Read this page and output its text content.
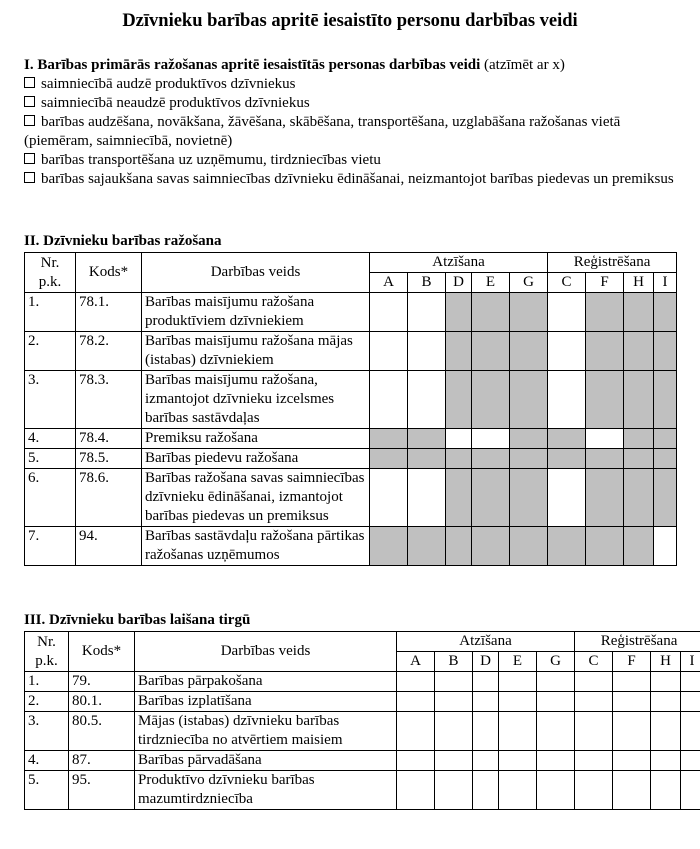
Dzīvnieku barības apritē iesaistīto personu darbības veidi
I. Barības primārās ražošanas apritē iesaistītās personas darbības veidi (atzīmēt ar x)
saimniecībā audzē produktīvos dzīvniekus
saimniecībā neaudzē produktīvos dzīvniekus
barības audzēšana, novākšana, žāvēšana, skābēšana, transportēšana, uzglabāšana ražošanas vietā (piemēram, saimniecībā, novietnē)
barības transportēšana uz uzņēmumu, tirdzniecības vietu
barības sajaukšana savas saimniecības dzīvnieku ēdināšanai, neizmantojot barības piedevas un premiksus
II. Dzīvnieku barības ražošana
Nr. p.k.	Kods*	Darbības veids	Atzīšana					Reģistrēšana			
			A	B	D	E	G	C	F	H	I
1.	78.1.	Barības maisījumu ražošana produktīviem dzīvniekiem									
2.	78.2.	Barības maisījumu ražošana mājas (istabas) dzīvniekiem									
3.	78.3.	Barības maisījumu ražošana, izmantojot dzīvnieku izcelsmes barības sastāvdaļas									
4.	78.4.	Premiksu ražošana									
5.	78.5.	Barības piedevu ražošana									
6.	78.6.	Barības ražošana savas saimniecības dzīvnieku ēdināšanai, izmantojot barības piedevas un premiksus									
7.	94.	Barības sastāvdaļu ražošana pārtikas ražošanas uzņēmumos									
III. Dzīvnieku barības laišana tirgū
Nr. p.k.	Kods*	Darbības veids	Atzīšana					Reģistrēšana			
			A	B	D	E	G	C	F	H	I
1.	79.	Barības pārpakošana									
2.	80.1.	Barības izplatīšana									
3.	80.5.	Mājas (istabas) dzīvnieku barības tirdzniecība no atvērtiem maisiem									
4.	87.	Barības pārvadāšana									
5.	95.	Produktīvo dzīvnieku barības mazumtirdzniecība									
